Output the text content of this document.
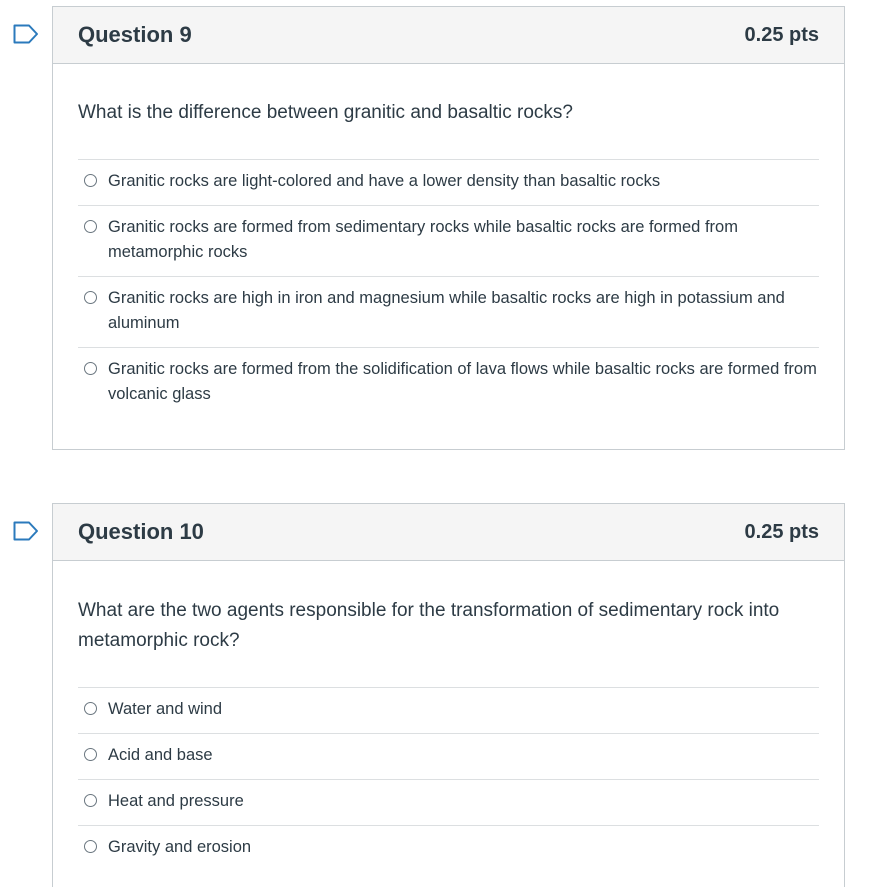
Question 9	0.25 pts
What is the difference between granitic and basaltic rocks?
Granitic rocks are light-colored and have a lower density than basaltic rocks
Granitic rocks are formed from sedimentary rocks while basaltic rocks are formed from metamorphic rocks
Granitic rocks are high in iron and magnesium while basaltic rocks are high in potassium and aluminum
Granitic rocks are formed from the solidification of lava flows while basaltic rocks are formed from volcanic glass
Question 10	0.25 pts
What are the two agents responsible for the transformation of sedimentary rock into metamorphic rock?
Water and wind
Acid and base
Heat and pressure
Gravity and erosion
